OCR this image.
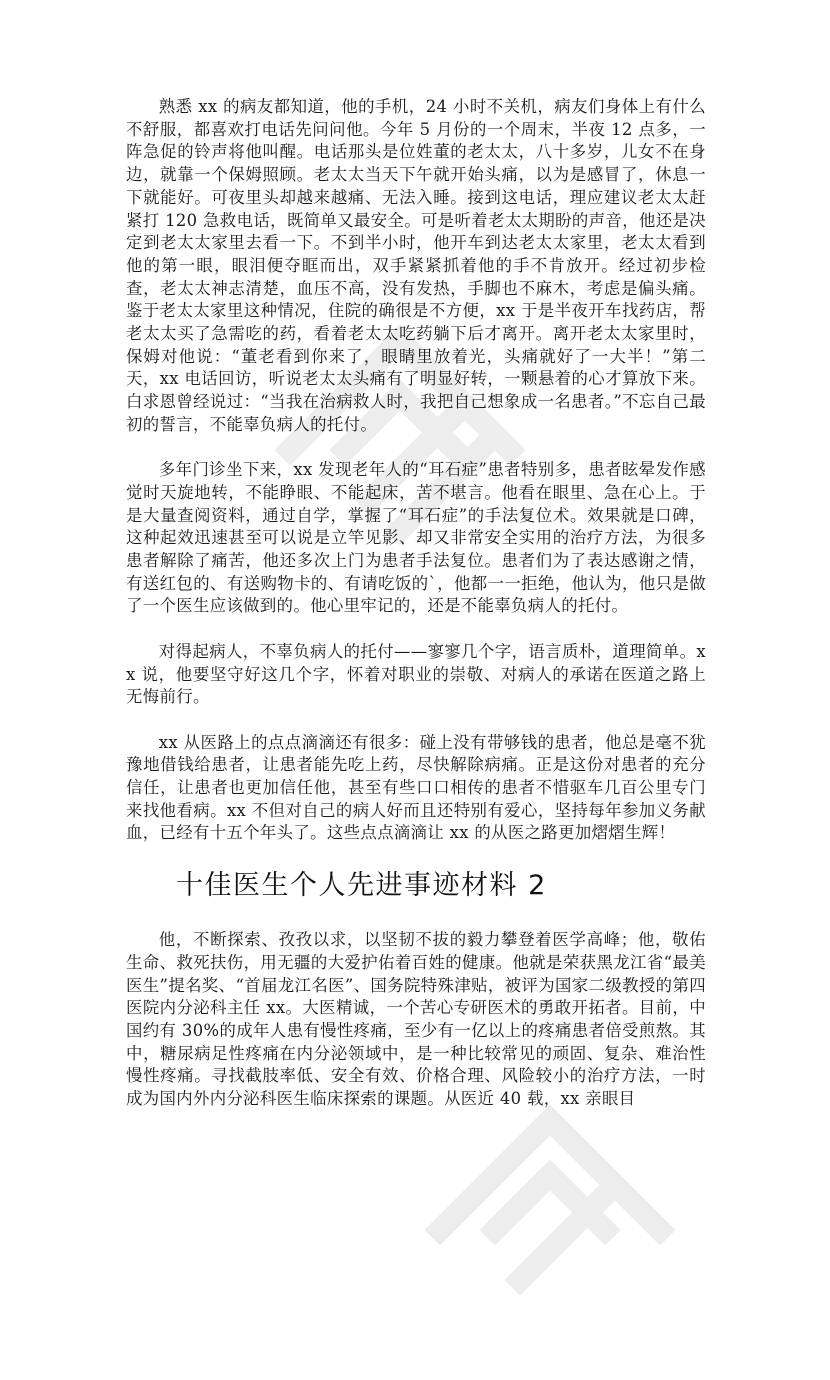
熟悉 xx 的病友都知道，他的手机，24 小时不关机，病友们身体上有什么不舒服，都喜欢打电话先问问他。今年 5 月份的一个周末，半夜 12 点多，一阵急促的铃声将他叫醒。电话那头是位姓董的老太太，八十多岁，儿女不在身边，就靠一个保姆照顾。老太太当天下午就开始头痛，以为是感冒了，休息一下就能好。可夜里头却越来越痛、无法入睡。接到这电话，理应建议老太太赶紧打 120 急救电话，既简单又最安全。可是听着老太太期盼的声音，他还是决定到老太太家里去看一下。不到半小时，他开车到达老太太家里，老太太看到他的第一眼，眼泪便夺眶而出，双手紧紧抓着他的手不肯放开。经过初步检查，老太太神志清楚，血压不高，没有发热，手脚也不麻木，考虑是偏头痛。鉴于老太太家里这种情况，住院的确很是不方便，xx 于是半夜开车找药店，帮老太太买了急需吃的药，看着老太太吃药躺下后才离开。离开老太太家里时，保姆对他说：“董老看到你来了，眼睛里放着光，头痛就好了一大半！”第二天，xx 电话回访，听说老太太头痛有了明显好转，一颗悬着的心才算放下来。白求恩曾经说过：“当我在治病救人时，我把自己想象成一名患者。”不忘自己最初的誓言，不能辜负病人的托付。

多年门诊坐下来，xx 发现老年人的“耳石症”患者特别多，患者眩晕发作感觉时天旋地转，不能睁眼、不能起床，苦不堪言。他看在眼里、急在心上。于是大量查阅资料，通过自学，掌握了“耳石症”的手法复位术。效果就是口碑，这种起效迅速甚至可以说是立竿见影、却又非常安全实用的治疗方法，为很多患者解除了痛苦，他还多次上门为患者手法复位。患者们为了表达感谢之情，有送红包的、有送购物卡的、有请吃饭的`，他都一一拒绝，他认为，他只是做了一个医生应该做到的。他心里牢记的，还是不能辜负病人的托付。

对得起病人，不辜负病人的托付——寥寥几个字，语言质朴，道理简单。xx 说，他要坚守好这几个字，怀着对职业的崇敬、对病人的承诺在医道之路上无悔前行。

xx 从医路上的点点滴滴还有很多：碰上没有带够钱的患者，他总是毫不犹豫地借钱给患者，让患者能先吃上药，尽快解除病痛。正是这份对患者的充分信任，让患者也更加信任他，甚至有些口口相传的患者不惜驱车几百公里专门来找他看病。xx 不但对自己的病人好而且还特别有爱心，坚持每年参加义务献血，已经有十五个年头了。这些点点滴滴让 xx 的从医之路更加熠熠生辉！

十佳医生个人先进事迹材料 2

他，不断探索、孜孜以求，以坚韧不拔的毅力攀登着医学高峰；他，敬佑生命、救死扶伤，用无疆的大爱护佑着百姓的健康。他就是荣获黑龙江省“最美医生”提名奖、“首届龙江名医”、国务院特殊津贴，被评为国家二级教授的第四医院内分泌科主任 xx。大医精诚，一个苦心专研医术的勇敢开拓者。目前，中国约有 30%的成年人患有慢性疼痛，至少有一亿以上的疼痛患者倍受煎熬。其中，糖尿病足性疼痛在内分泌领域中，是一种比较常见的顽固、复杂、难治性慢性疼痛。寻找截肢率低、安全有效、价格合理、风险较小的治疗方法，一时成为国内外内分泌科医生临床探索的课题。从医近 40 载，xx 亲眼目
